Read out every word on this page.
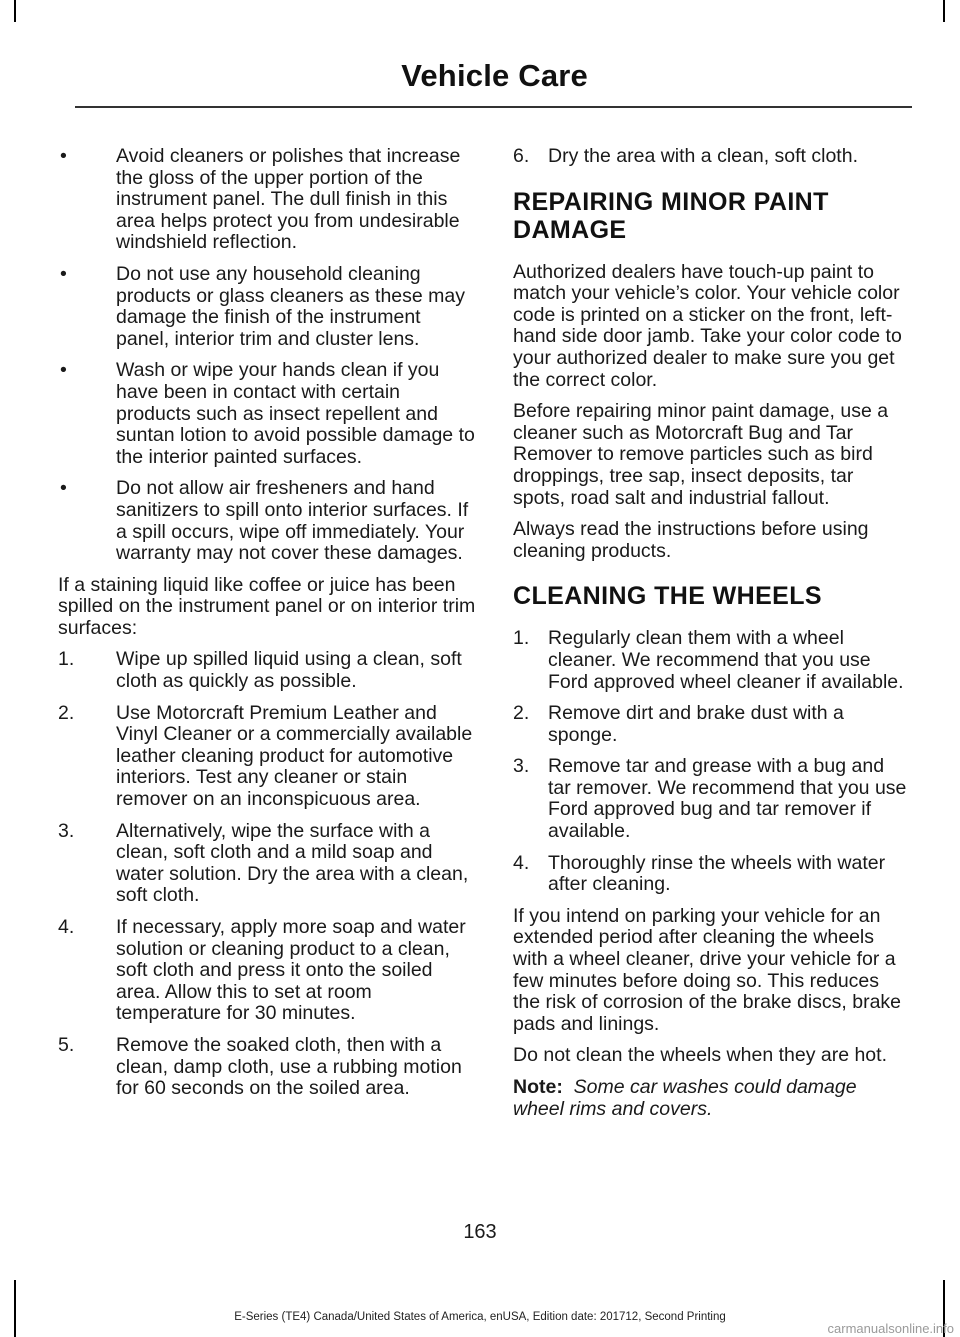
Vehicle Care
•	Avoid cleaners or polishes that increase the gloss of the upper portion of the instrument panel. The dull finish in this area helps protect you from undesirable windshield reflection.
•	Do not use any household cleaning products or glass cleaners as these may damage the finish of the instrument panel, interior trim and cluster lens.
•	Wash or wipe your hands clean if you have been in contact with certain products such as insect repellent and suntan lotion to avoid possible damage to the interior painted surfaces.
•	Do not allow air fresheners and hand sanitizers to spill onto interior surfaces. If a spill occurs, wipe off immediately. Your warranty may not cover these damages.

If a staining liquid like coffee or juice has been spilled on the instrument panel or on interior trim surfaces:

1.	Wipe up spilled liquid using a clean, soft cloth as quickly as possible.
2.	Use Motorcraft Premium Leather and Vinyl Cleaner or a commercially available leather cleaning product for automotive interiors. Test any cleaner or stain remover on an inconspicuous area.
3.	Alternatively, wipe the surface with a clean, soft cloth and a mild soap and water solution. Dry the area with a clean, soft cloth.
4.	If necessary, apply more soap and water solution or cleaning product to a clean, soft cloth and press it onto the soiled area. Allow this to set at room temperature for 30 minutes.
5.	Remove the soaked cloth, then with a clean, damp cloth, use a rubbing motion for 60 seconds on the soiled area.
6. Dry the area with a clean, soft cloth.
REPAIRING MINOR PAINT DAMAGE

Authorized dealers have touch-up paint to match your vehicle’s color. Your vehicle color code is printed on a sticker on the front, left-hand side door jamb. Take your color code to your authorized dealer to make sure you get the correct color.

Before repairing minor paint damage, use a cleaner such as Motorcraft Bug and Tar Remover to remove particles such as bird droppings, tree sap, insect deposits, tar spots, road salt and industrial fallout.

Always read the instructions before using cleaning products.

CLEANING THE WHEELS
1. Regularly clean them with a wheel cleaner. We recommend that you use Ford approved wheel cleaner if available.
2. Remove dirt and brake dust with a sponge.
3. Remove tar and grease with a bug and tar remover. We recommend that you use Ford approved bug and tar remover if available.
4. Thoroughly rinse the wheels with water after cleaning.

If you intend on parking your vehicle for an extended period after cleaning the wheels with a wheel cleaner, drive your vehicle for a few minutes before doing so. This reduces the risk of corrosion of the brake discs, brake pads and linings.

Do not clean the wheels when they are hot.

Note: Some car washes could damage wheel rims and covers.

163
E-Series (TE4) Canada/United States of America, enUSA, Edition date: 201712, Second Printing
carmanualsonline.info
